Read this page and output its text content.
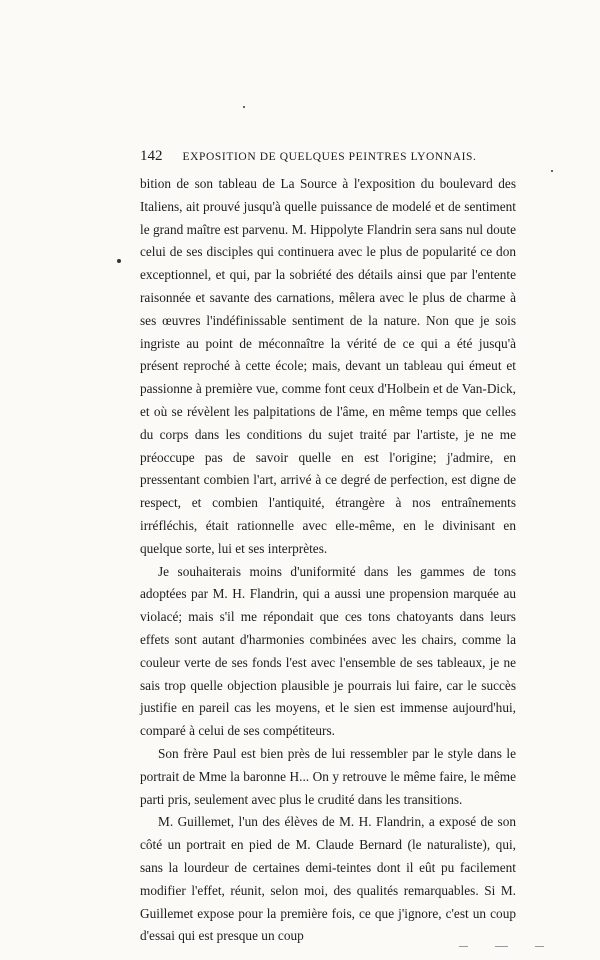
142 EXPOSITION DE QUELQUES PEINTRES LYONNAIS.

bition de son tableau de La Source à l'exposition du boulevard des Italiens, ait prouvé jusqu'à quelle puissance de modelé et de sentiment le grand maître est parvenu. M. Hippolyte Flandrin sera sans nul doute celui de ses disciples qui continuera avec le plus de popularité ce don exceptionnel, et qui, par la sobriété des détails ainsi que par l'entente raisonnée et savante des carnations, mêlera avec le plus de charme à ses œuvres l'indéfinissable sentiment de la nature. Non que je sois ingriste au point de méconnaître la vérité de ce qui a été jusqu'à présent reproché à cette école; mais, devant un tableau qui émeut et passionne à première vue, comme font ceux d'Holbein et de Van-Dick, et où se révèlent les palpitations de l'âme, en même temps que celles du corps dans les conditions du sujet traité par l'artiste, je ne me préoccupe pas de savoir quelle en est l'origine; j'admire, en pressentant combien l'art, arrivé à ce degré de perfection, est digne de respect, et combien l'antiquité, étrangère à nos entraînements irréfléchis, était rationnelle avec elle-même, en le divinisant en quelque sorte, lui et ses interprètes.

Je souhaiterais moins d'uniformité dans les gammes de tons adoptées par M. H. Flandrin, qui a aussi une propension marquée au violacé; mais s'il me répondait que ces tons chatoyants dans leurs effets sont autant d'harmonies combinées avec les chairs, comme la couleur verte de ses fonds l'est avec l'ensemble de ses tableaux, je ne sais trop quelle objection plausible je pourrais lui faire, car le succès justifie en pareil cas les moyens, et le sien est immense aujourd'hui, comparé à celui de ses compétiteurs.

Son frère Paul est bien près de lui ressembler par le style dans le portrait de Mme la baronne H... On y retrouve le même faire, le même parti pris, seulement avec plus le crudité dans les transitions.

M. Guillemet, l'un des élèves de M. H. Flandrin, a exposé de son côté un portrait en pied de M. Claude Bernard (le naturaliste), qui, sans la lourdeur de certaines demi-teintes dont il eût pu facilement modifier l'effet, réunit, selon moi, des qualités remarquables. Si M. Guillemet expose pour la première fois, ce que j'ignore, c'est un coup d'essai qui est presque un coup
